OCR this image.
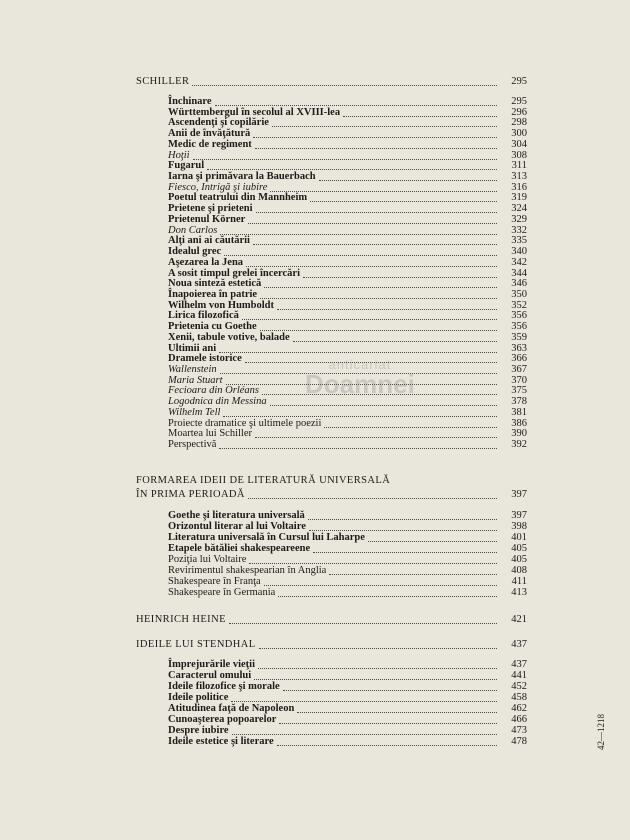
SCHILLER	295
Închinare	295
Württembergul în secolul al XVIII-lea	296
Ascendenţi şi copilărie	298
Anii de învăţătură	300
Medic de regiment	304
Hoţii	308
Fugarul	311
Iarna şi primăvara la Bauerbach	313
Fiesco, Intrigă şi iubire	316
Poetul teatrului din Mannheim	319
Prietene şi prieteni	324
Prietenul Körner	329
Don Carlos	332
Alţi ani ai căutării	335
Idealul grec	340
Aşezarea la Jena	342
A sosit timpul grelei încercări	344
Noua sinteză estetică	346
Înapoierea în patrie	350
Wilhelm von Humboldt	352
Lirica filozofică	356
Prietenia cu Goethe	356
Xenii, tabule votive, balade	359
Ultimii ani	363
Dramele istorice	366
Wallenstein	367
Maria Stuart	370
Fecioara din Orléans	375
Logodnica din Messina	378
Wilhelm Tell	381
Proiecte dramatice şi ultimele poezii	386
Moartea lui Schiller	390
Perspectivă	392
FORMAREA IDEII DE LITERATURĂ UNIVERSALĂ
ÎN PRIMA PERIOADĂ	397
Goethe şi literatura universală	397
Orizontul literar al lui Voltaire	398
Literatura universală în Cursul lui Laharpe	401
Etapele bătăliei shakespeareene	405
Poziţia lui Voltaire	405
Revirimentul shakespearian în Anglia	408
Shakespeare în Franţa	411
Shakespeare în Germania	413
HEINRICH HEINE	421
IDEILE LUI STENDHAL	437
Împrejurările vieţii	437
Caracterul omului	441
Ideile filozofice şi morale	452
Ideile politice	458
Atitudinea faţă de Napoleon	462
Cunoaşterea popoarelor	466
Despre iubire	473
Ideile estetice şi literare	478
anticariat
Doamnei
42—1218
